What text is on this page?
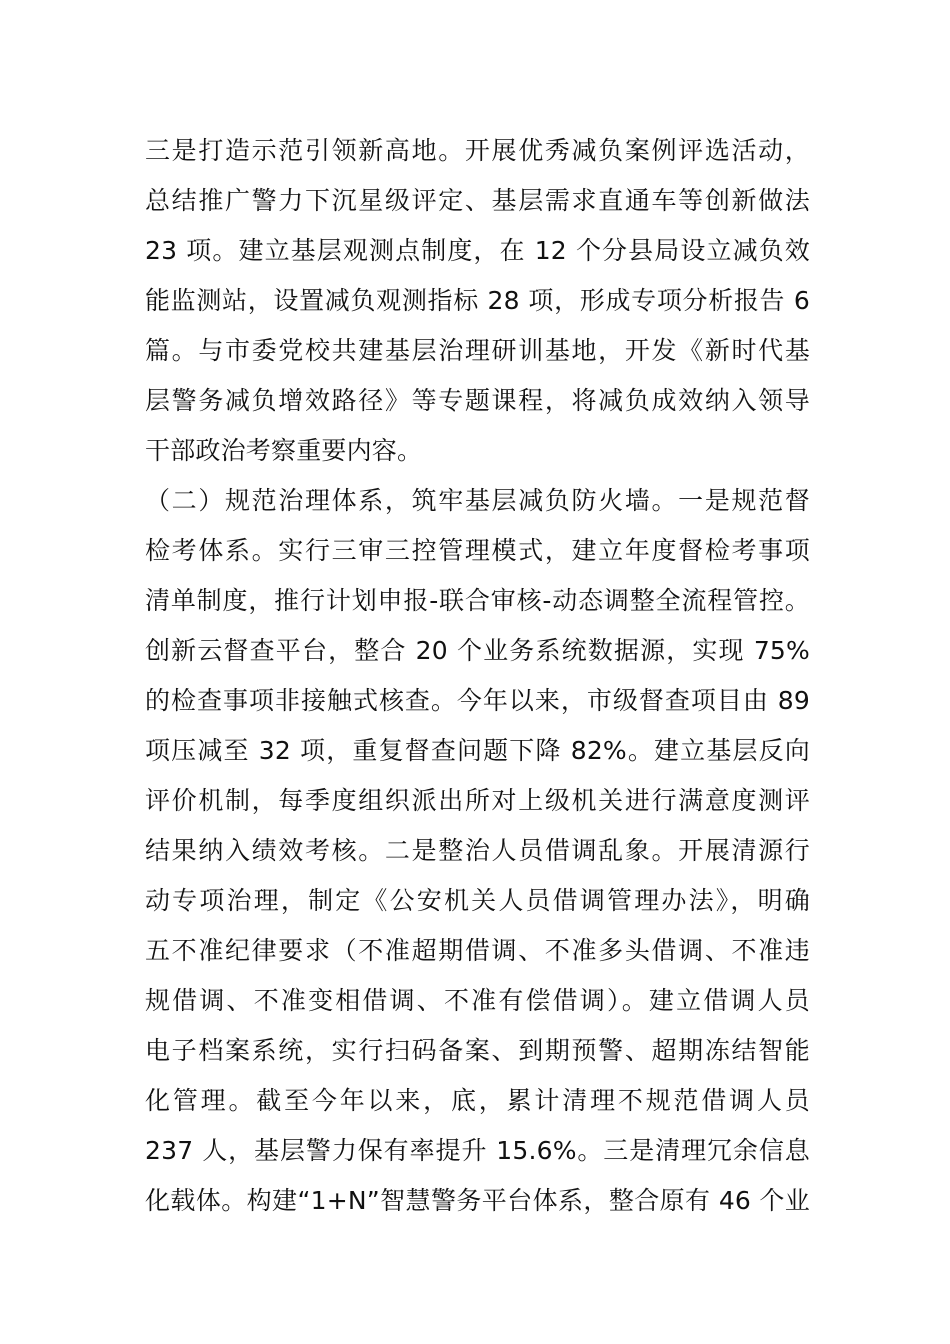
三是打造示范引领新高地。开展优秀减负案例评选活动，
总结推广警力下沉星级评定、基层需求直通车等创新做法
23 项。建立基层观测点制度，在 12 个分县局设立减负效
能监测站，设置减负观测指标 28 项，形成专项分析报告 6
篇。与市委党校共建基层治理研训基地，开发《新时代基
层警务减负增效路径》等专题课程，将减负成效纳入领导
干部政治考察重要内容。
（二）规范治理体系，筑牢基层减负防火墙。一是规范督
检考体系。实行三审三控管理模式，建立年度督检考事项
清单制度，推行计划申报-联合审核-动态调整全流程管控。
创新云督查平台，整合 20 个业务系统数据源，实现 75%
的检查事项非接触式核查。今年以来，市级督查项目由 89
项压减至 32 项，重复督查问题下降 82%。建立基层反向
评价机制，每季度组织派出所对上级机关进行满意度测评
结果纳入绩效考核。二是整治人员借调乱象。开展清源行
动专项治理，制定《公安机关人员借调管理办法》，明确
五不准纪律要求（不准超期借调、不准多头借调、不准违
规借调、不准变相借调、不准有偿借调）。建立借调人员
电子档案系统，实行扫码备案、到期预警、超期冻结智能
化管理。截至今年以来，底，累计清理不规范借调人员
237 人，基层警力保有率提升 15.6%。三是清理冗余信息
化载体。构建“1+N”智慧警务平台体系，整合原有 46 个业
